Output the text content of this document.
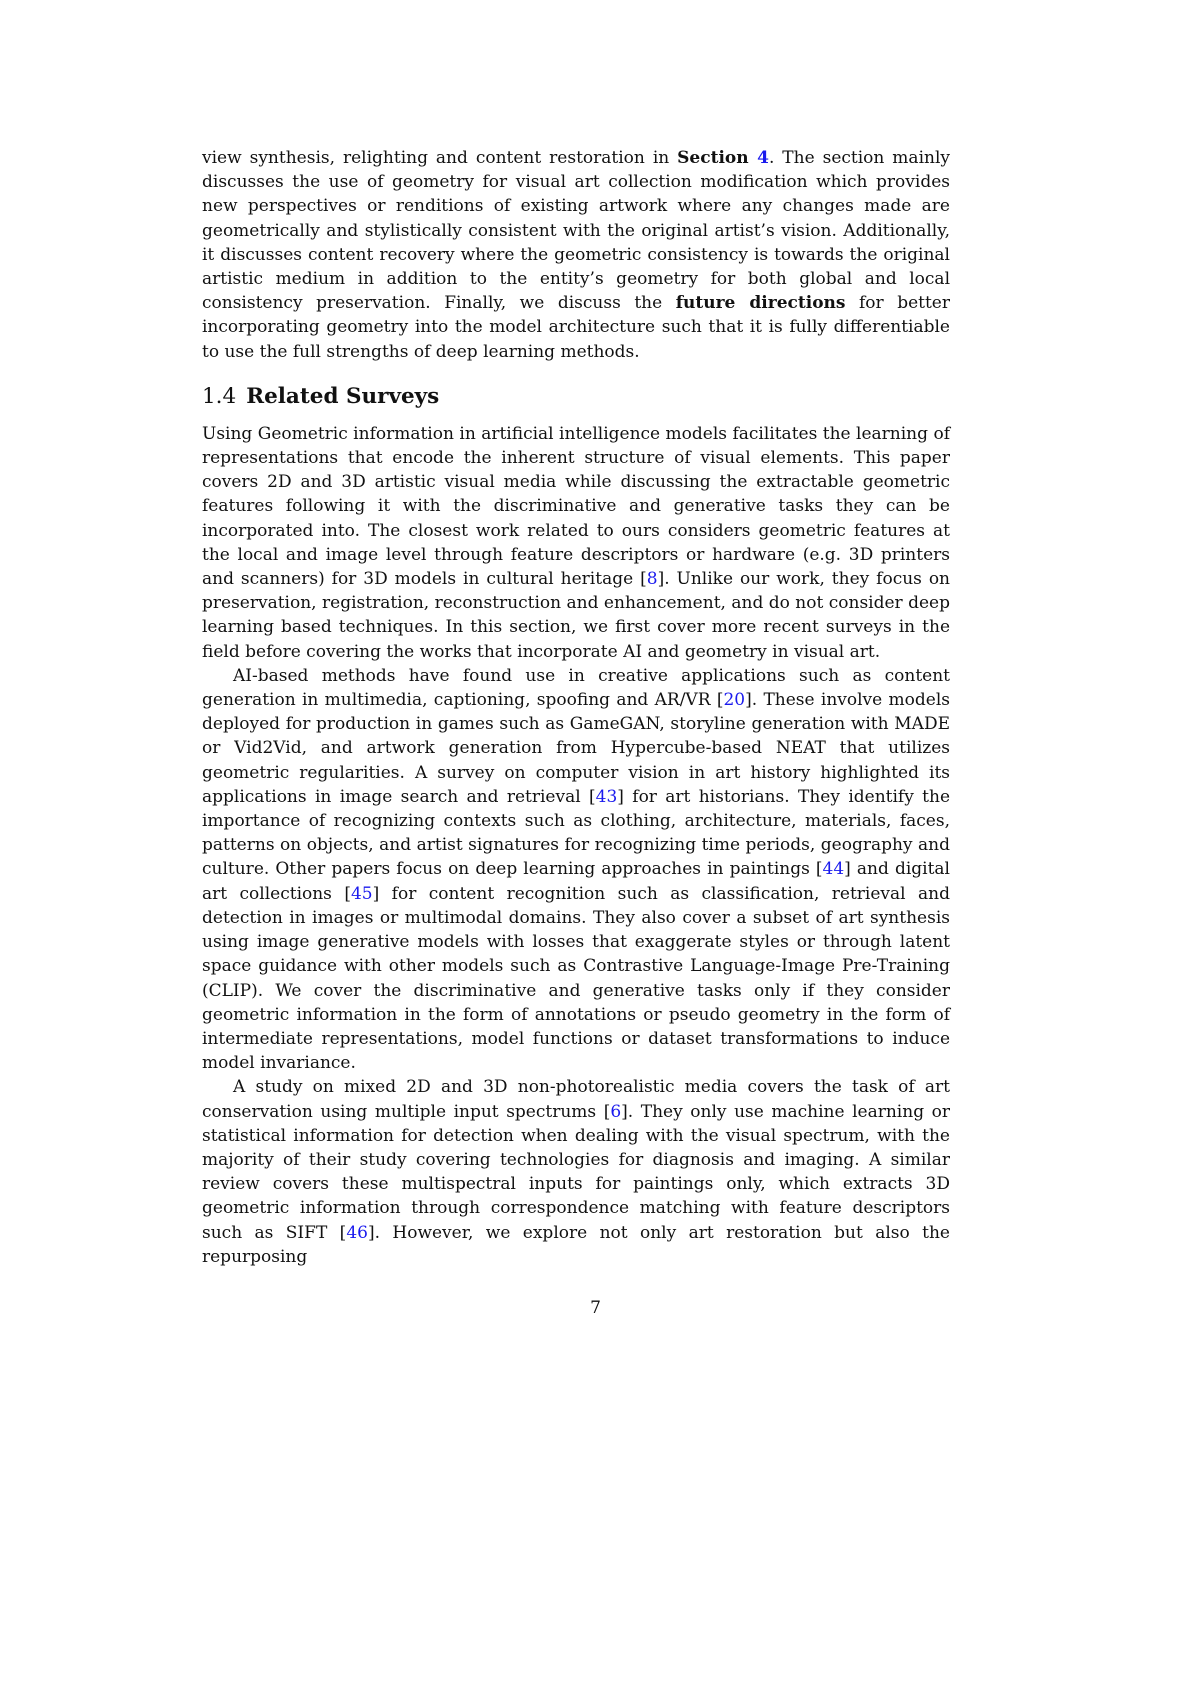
view synthesis, relighting and content restoration in Section 4. The section mainly discusses the use of geometry for visual art collection modification which provides new perspectives or renditions of existing artwork where any changes made are geometrically and stylistically consistent with the original artist’s vision. Additionally, it discusses content recovery where the geometric consistency is towards the original artistic medium in addition to the entity’s geometry for both global and local consistency preservation. Finally, we discuss the future directions for better incorporating geometry into the model architecture such that it is fully differentiable to use the full strengths of deep learning methods.

1.4 Related Surveys

Using Geometric information in artificial intelligence models facilitates the learning of representations that encode the inherent structure of visual elements. This paper covers 2D and 3D artistic visual media while discussing the extractable geometric features following it with the discriminative and generative tasks they can be incorporated into. The closest work related to ours considers geometric features at the local and image level through feature descriptors or hardware (e.g. 3D printers and scanners) for 3D models in cultural heritage [8]. Unlike our work, they focus on preservation, registration, reconstruction and enhancement, and do not consider deep learning based techniques. In this section, we first cover more recent surveys in the field before covering the works that incorporate AI and geometry in visual art.

AI-based methods have found use in creative applications such as content generation in multimedia, captioning, spoofing and AR/VR [20]. These involve models deployed for production in games such as GameGAN, storyline generation with MADE or Vid2Vid, and artwork generation from Hypercube-based NEAT that utilizes geometric regularities. A survey on computer vision in art history highlighted its applications in image search and retrieval [43] for art historians. They identify the importance of recognizing contexts such as clothing, architecture, materials, faces, patterns on objects, and artist signatures for recognizing time periods, geography and culture. Other papers focus on deep learning approaches in paintings [44] and digital art collections [45] for content recognition such as classification, retrieval and detection in images or multimodal domains. They also cover a subset of art synthesis using image generative models with losses that exaggerate styles or through latent space guidance with other models such as Contrastive Language-Image Pre-Training (CLIP). We cover the discriminative and generative tasks only if they consider geometric information in the form of annotations or pseudo geometry in the form of intermediate representations, model functions or dataset transformations to induce model invariance.

A study on mixed 2D and 3D non-photorealistic media covers the task of art conservation using multiple input spectrums [6]. They only use machine learning or statistical information for detection when dealing with the visual spectrum, with the majority of their study covering technologies for diagnosis and imaging. A similar review covers these multispectral inputs for paintings only, which extracts 3D geometric information through correspondence matching with feature descriptors such as SIFT [46]. However, we explore not only art restoration but also the repurposing

7
